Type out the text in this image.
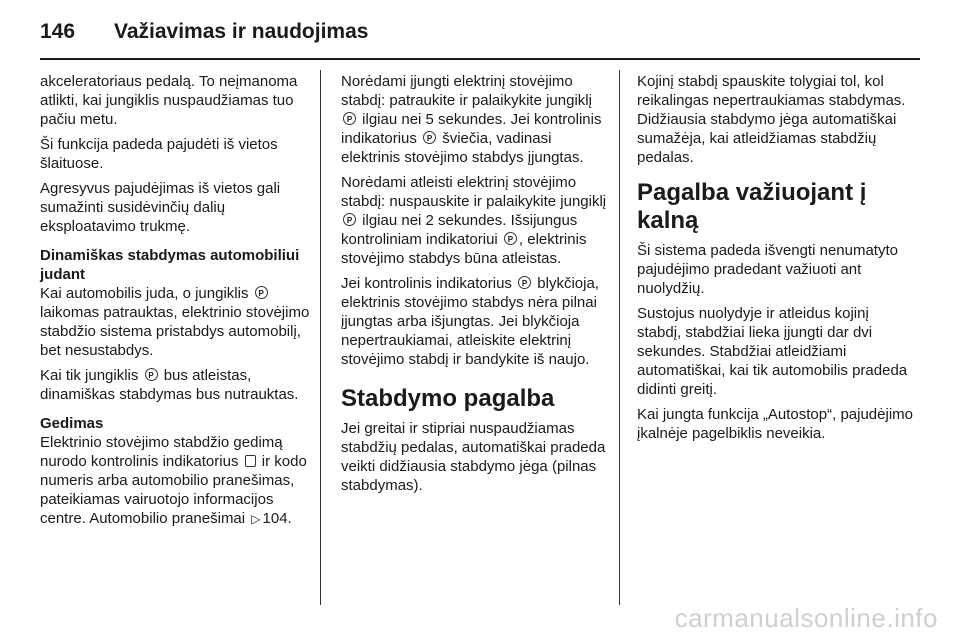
146	Važiavimas ir naudojimas

akceleratoriaus pedalą. To neįmanoma atlikti, kai jungiklis nuspaudžiamas tuo pačiu metu.

Ši funkcija padeda pajudėti iš vietos šlaituose.

Agresyvus pajudėjimas iš vietos gali sumažinti susidėvinčių dalių eksploatavimo trukmę.

Dinamiškas stabdymas automobiliui judant

Kai automobilis juda, o jungiklis P laikomas patrauktas, elektrinio stovėjimo stabdžio sistema pristabdys automobilį, bet nesustabdys.

Kai tik jungiklis P bus atleistas, dinamiškas stabdymas bus nutrauktas.

Gedimas

Elektrinio stovėjimo stabdžio gedimą nurodo kontrolinis indikatorius ir kodo numeris arba automobilio pranešimas, pateikiamas vairuotojo informacijos centre. Automobilio pranešimai ▷ 104.

Norėdami įjungti elektrinį stovėjimo stabdį: patraukite ir palaikykite jungiklį P ilgiau nei 5 sekundes. Jei kontrolinis indikatorius P šviečia, vadinasi elektrinis stovėjimo stabdys įjungtas.

Norėdami atleisti elektrinį stovėjimo stabdį: nuspauskite ir palaikykite jungiklį P ilgiau nei 2 sekundes. Išsijungus kontroliniam indikatoriui P , elektrinis stovėjimo stabdys būna atleistas.

Jei kontrolinis indikatorius P blykčioja, elektrinis stovėjimo stabdys nėra pilnai įjungtas arba išjungtas. Jei blykčioja nepertraukiamai, atleiskite elektrinį stovėjimo stabdį ir bandykite iš naujo.

Stabdymo pagalba

Jei greitai ir stipriai nuspaudžiamas stabdžių pedalas, automatiškai pradeda veikti didžiausia stabdymo jėga (pilnas stabdymas).

Kojinį stabdį spauskite tolygiai tol, kol reikalingas nepertraukiamas stabdymas. Didžiausia stabdymo jėga automatiškai sumažėja, kai atleidžiamas stabdžių pedalas.

Pagalba važiuojant į kalną

Ši sistema padeda išvengti nenumatyto pajudėjimo pradedant važiuoti ant nuolydžių.

Sustojus nuolydyje ir atleidus kojinį stabdį, stabdžiai lieka įjungti dar dvi sekundes. Stabdžiai atleidžiami automatiškai, kai tik automobilis pradeda didinti greitį.

Kai jungta funkcija „Autostop“, pajudėjimo įkalnėje pagelbiklis neveikia.

carmanualsonline.info
